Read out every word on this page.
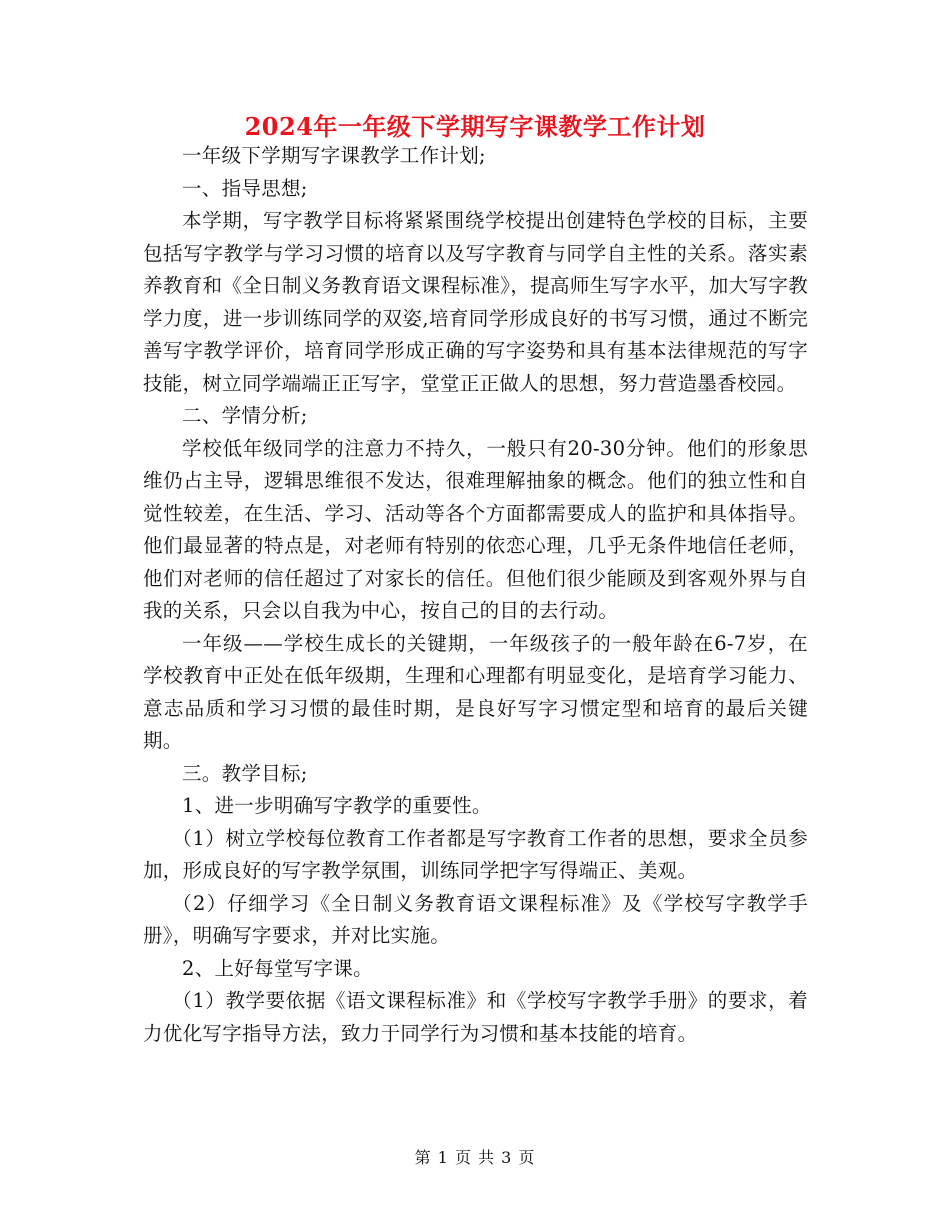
2024年一年级下学期写字课教学工作计划

一年级下学期写字课教学工作计划;

一、指导思想;

本学期，写字教学目标将紧紧围绕学校提出创建特色学校的目标，主要包括写字教学与学习习惯的培育以及写字教育与同学自主性的关系。落实素养教育和《全日制义务教育语文课程标准》，提高师生写字水平，加大写字教学力度，进一步训练同学的双姿,培育同学形成良好的书写习惯，通过不断完善写字教学评价，培育同学形成正确的写字姿势和具有基本法律规范的写字技能，树立同学端端正正写字，堂堂正正做人的思想，努力营造墨香校园。

二、学情分析;

学校低年级同学的注意力不持久，一般只有20-30分钟。他们的形象思维仍占主导，逻辑思维很不发达，很难理解抽象的概念。他们的独立性和自觉性较差，在生活、学习、活动等各个方面都需要成人的监护和具体指导。他们最显著的特点是，对老师有特别的依恋心理，几乎无条件地信任老师，他们对老师的信任超过了对家长的信任。但他们很少能顾及到客观外界与自我的关系，只会以自我为中心，按自己的目的去行动。

一年级——学校生成长的关键期，一年级孩子的一般年龄在6-7岁，在学校教育中正处在低年级期，生理和心理都有明显变化，是培育学习能力、意志品质和学习习惯的最佳时期，是良好写字习惯定型和培育的最后关键期。

三。教学目标;

1、进一步明确写字教学的重要性。

（1）树立学校每位教育工作者都是写字教育工作者的思想，要求全员参加，形成良好的写字教学氛围，训练同学把字写得端正、美观。

（2）仔细学习《全日制义务教育语文课程标准》及《学校写字教学手册》，明确写字要求，并对比实施。

2、上好每堂写字课。

（1）教学要依据《语文课程标准》和《学校写字教学手册》的要求，着力优化写字指导方法，致力于同学行为习惯和基本技能的培育。

第 1 页 共 3 页
